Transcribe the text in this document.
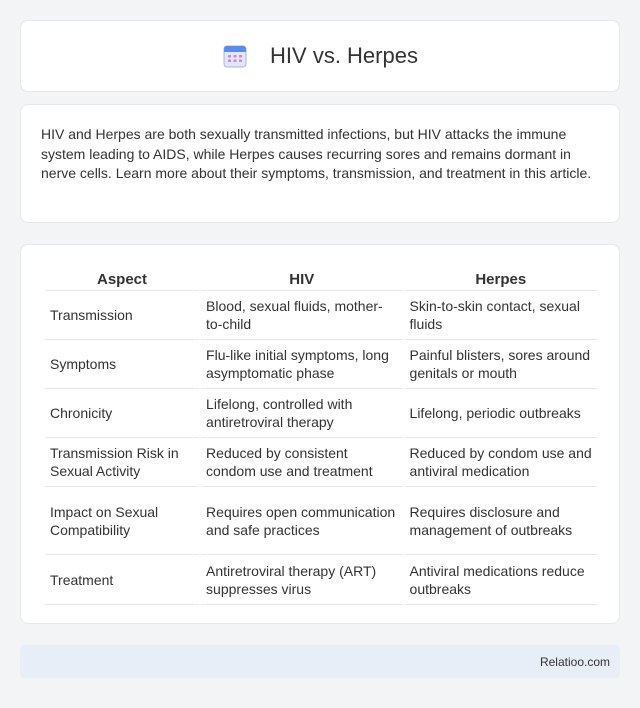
HIV vs. Herpes

HIV and Herpes are both sexually transmitted infections, but HIV attacks the immune system leading to AIDS, while Herpes causes recurring sores and remains dormant in nerve cells. Learn more about their symptoms, transmission, and treatment in this article.

Aspect	HIV	Herpes
Transmission	Blood, sexual fluids, mother-to-child	Skin-to-skin contact, sexual fluids
Symptoms	Flu-like initial symptoms, long asymptomatic phase	Painful blisters, sores around genitals or mouth
Chronicity	Lifelong, controlled with antiretroviral therapy	Lifelong, periodic outbreaks
Transmission Risk in Sexual Activity	Reduced by consistent condom use and treatment	Reduced by condom use and antiviral medication
Impact on Sexual Compatibility	Requires open communication and safe practices	Requires disclosure and management of outbreaks
Treatment	Antiretroviral therapy (ART) suppresses virus	Antiviral medications reduce outbreaks
Relatioo.com
